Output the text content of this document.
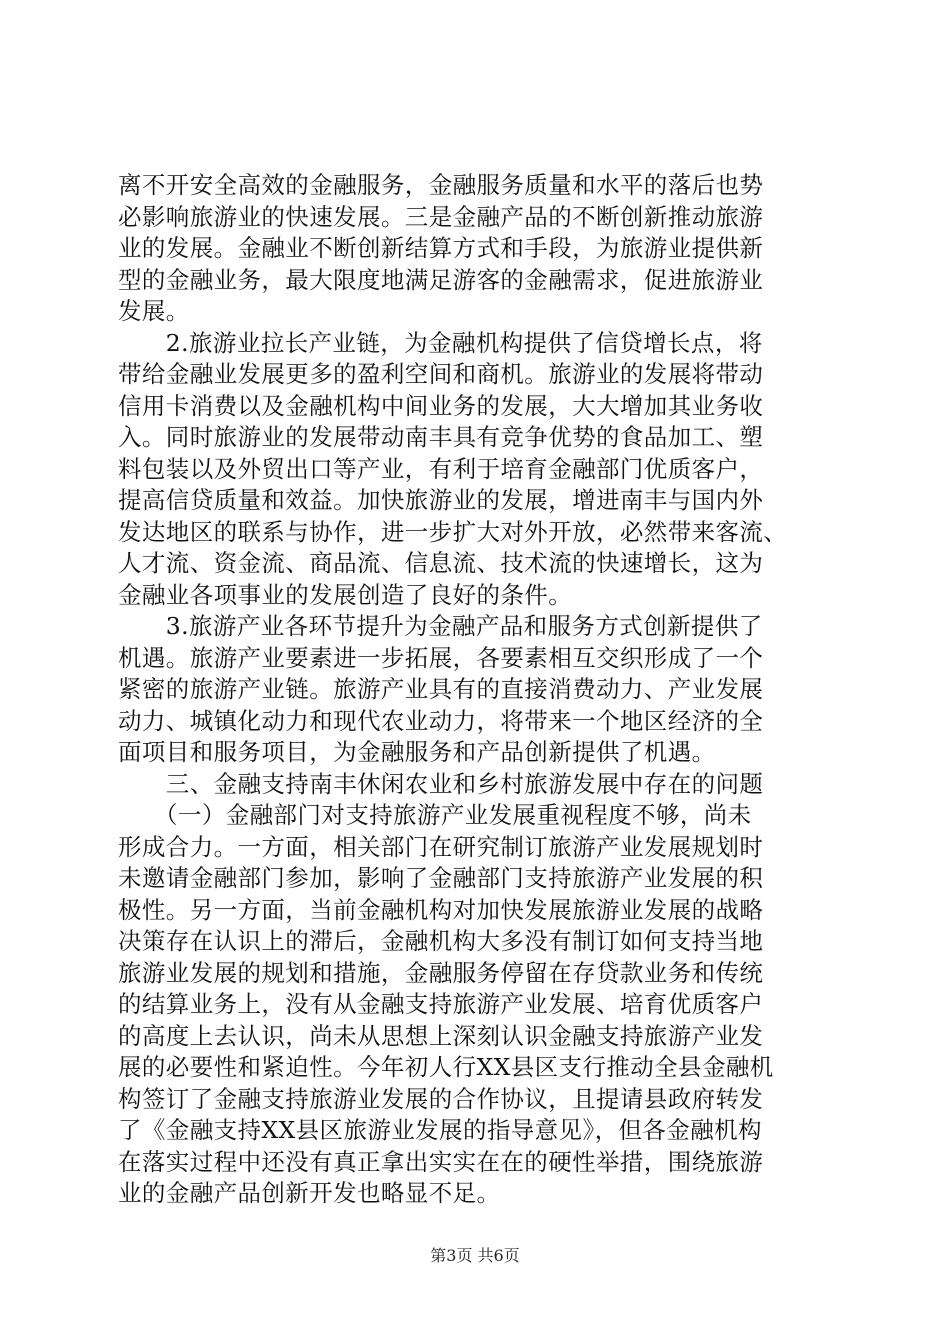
离不开安全高效的金融服务，金融服务质量和水平的落后也势
必影响旅游业的快速发展。三是金融产品的不断创新推动旅游
业的发展。金融业不断创新结算方式和手段，为旅游业提供新
型的金融业务，最大限度地满足游客的金融需求，促进旅游业
发展。
　　2.旅游业拉长产业链，为金融机构提供了信贷增长点，将
带给金融业发展更多的盈利空间和商机。旅游业的发展将带动
信用卡消费以及金融机构中间业务的发展，大大增加其业务收
入。同时旅游业的发展带动南丰具有竞争优势的食品加工、塑
料包装以及外贸出口等产业，有利于培育金融部门优质客户，
提高信贷质量和效益。加快旅游业的发展，增进南丰与国内外
发达地区的联系与协作，进一步扩大对外开放，必然带来客流、
人才流、资金流、商品流、信息流、技术流的快速增长，这为
金融业各项事业的发展创造了良好的条件。
　　3.旅游产业各环节提升为金融产品和服务方式创新提供了
机遇。旅游产业要素进一步拓展，各要素相互交织形成了一个
紧密的旅游产业链。旅游产业具有的直接消费动力、产业发展
动力、城镇化动力和现代农业动力，将带来一个地区经济的全
面项目和服务项目，为金融服务和产品创新提供了机遇。
　　三、金融支持南丰休闲农业和乡村旅游发展中存在的问题
　　（一）金融部门对支持旅游产业发展重视程度不够，尚未
形成合力。一方面，相关部门在研究制订旅游产业发展规划时
未邀请金融部门参加，影响了金融部门支持旅游产业发展的积
极性。另一方面，当前金融机构对加快发展旅游业发展的战略
决策存在认识上的滞后，金融机构大多没有制订如何支持当地
旅游业发展的规划和措施，金融服务停留在存贷款业务和传统
的结算业务上，没有从金融支持旅游产业发展、培育优质客户
的高度上去认识，尚未从思想上深刻认识金融支持旅游产业发
展的必要性和紧迫性。今年初人行XX县区支行推动全县金融机
构签订了金融支持旅游业发展的合作协议，且提请县政府转发
了《金融支持XX县区旅游业发展的指导意见》，但各金融机构
在落实过程中还没有真正拿出实实在在的硬性举措，围绕旅游
业的金融产品创新开发也略显不足。
第3页 共6页
